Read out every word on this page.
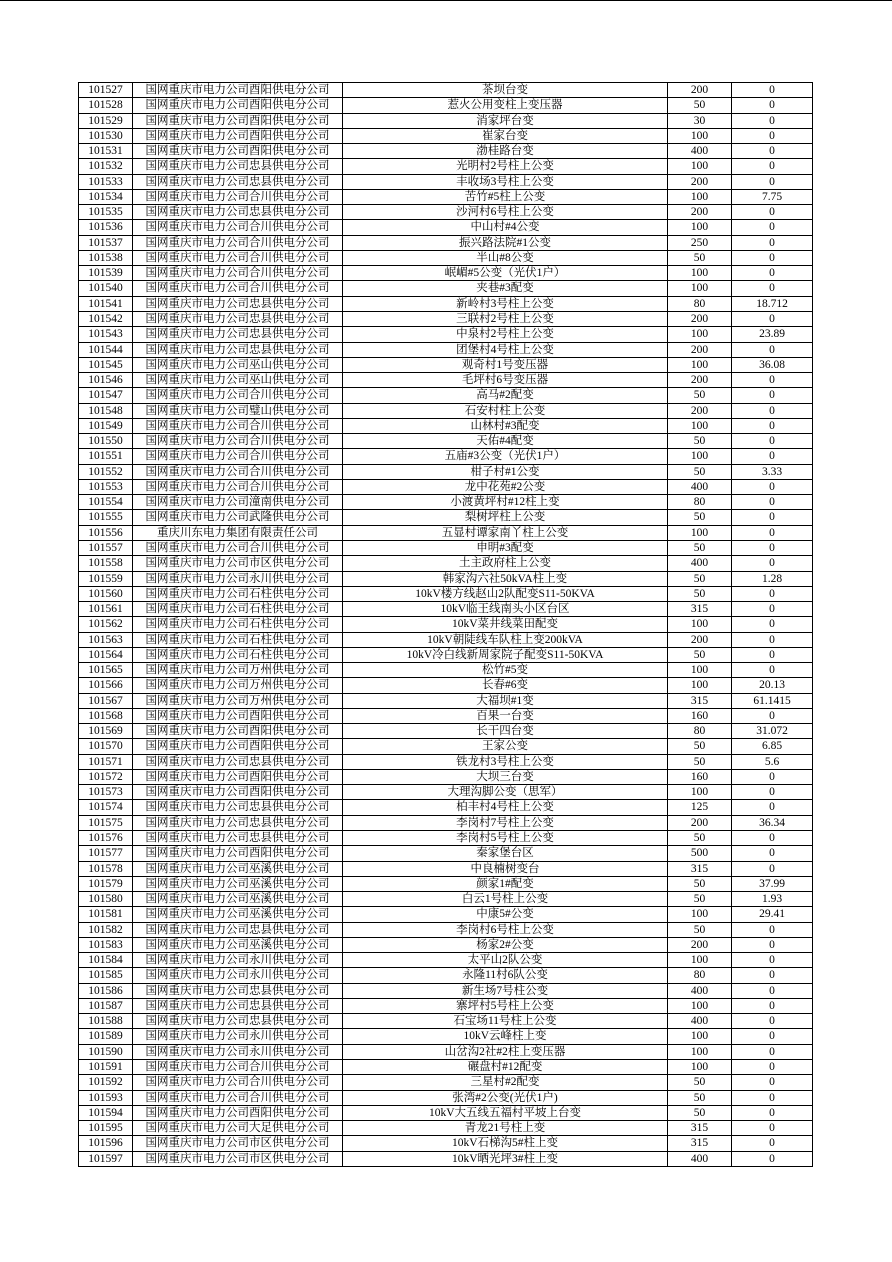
101527	国网重庆市电力公司酉阳供电分公司	茶坝台变	200	0
101528	国网重庆市电力公司酉阳供电分公司	惹火公用变柱上变压器	50	0
101529	国网重庆市电力公司酉阳供电分公司	消家坪台变	30	0
101530	国网重庆市电力公司酉阳供电分公司	崔家台变	100	0
101531	国网重庆市电力公司酉阳供电分公司	渤桂路台变	400	0
101532	国网重庆市电力公司忠县供电分公司	光明村2号柱上公变	100	0
101533	国网重庆市电力公司忠县供电分公司	丰收场3号柱上公变	200	0
101534	国网重庆市电力公司合川供电分公司	苦竹#5柱上公变	100	7.75
101535	国网重庆市电力公司忠县供电分公司	沙河村6号柱上公变	200	0
101536	国网重庆市电力公司合川供电分公司	中山村#4公变	100	0
101537	国网重庆市电力公司合川供电分公司	振兴路法院#1公变	250	0
101538	国网重庆市电力公司合川供电分公司	半山#8公变	50	0
101539	国网重庆市电力公司合川供电分公司	岷嵋#5公变（光伏1户）	100	0
101540	国网重庆市电力公司合川供电分公司	夹巷#3配变	100	0
101541	国网重庆市电力公司忠县供电分公司	新岭村3号柱上公变	80	18.712
101542	国网重庆市电力公司忠县供电分公司	三联村2号柱上公变	200	0
101543	国网重庆市电力公司忠县供电分公司	中泉村2号柱上公变	100	23.89
101544	国网重庆市电力公司忠县供电分公司	团堡村4号柱上公变	200	0
101545	国网重庆市电力公司巫山供电分公司	观奇村1号变压器	100	36.08
101546	国网重庆市电力公司巫山供电分公司	毛坪村6号变压器	200	0
101547	国网重庆市电力公司合川供电分公司	高马#2配变	50	0
101548	国网重庆市电力公司璧山供电分公司	石安村柱上公变	200	0
101549	国网重庆市电力公司合川供电分公司	山林村#3配变	100	0
101550	国网重庆市电力公司合川供电分公司	天佑#4配变	50	0
101551	国网重庆市电力公司合川供电分公司	五庙#3公变（光伏1户）	100	0
101552	国网重庆市电力公司合川供电分公司	柑子村#1公变	50	3.33
101553	国网重庆市电力公司合川供电分公司	龙中花苑#2公变	400	0
101554	国网重庆市电力公司潼南供电分公司	小渡黄坪村#12柱上变	80	0
101555	国网重庆市电力公司武隆供电分公司	梨树坪柱上公变	50	0
101556	重庆川东电力集团有限责任公司	五显村谭家南丫柱上公变	100	0
101557	国网重庆市电力公司合川供电分公司	申明#3配变	50	0
101558	国网重庆市电力公司市区供电分公司	土主政府柱上公变	400	0
101559	国网重庆市电力公司永川供电分公司	韩家沟六社50kVA柱上变	50	1.28
101560	国网重庆市电力公司石柱供电分公司	10kV楼方线赵山2队配变S11-50KVA	50	0
101561	国网重庆市电力公司石柱供电分公司	10kV临王线南头小区台区	315	0
101562	国网重庆市电力公司石柱供电分公司	10kV菜井线菜田配变	100	0
101563	国网重庆市电力公司石柱供电分公司	10kV朝陡线车队柱上变200kVA	200	0
101564	国网重庆市电力公司石柱供电分公司	10kV冷白线新周家院子配变S11-50KVA	50	0
101565	国网重庆市电力公司万州供电分公司	松竹#5变	100	0
101566	国网重庆市电力公司万州供电分公司	长春#6变	100	20.13
101567	国网重庆市电力公司万州供电分公司	大福坝#1变	315	61.1415
101568	国网重庆市电力公司酉阳供电分公司	百果一台变	160	0
101569	国网重庆市电力公司酉阳供电分公司	长干四台变	80	31.072
101570	国网重庆市电力公司酉阳供电分公司	王家公变	50	6.85
101571	国网重庆市电力公司忠县供电分公司	铁龙村3号柱上公变	50	5.6
101572	国网重庆市电力公司酉阳供电分公司	大坝三台变	160	0
101573	国网重庆市电力公司酉阳供电分公司	大理沟脚公变（思军）	100	0
101574	国网重庆市电力公司忠县供电分公司	柏丰村4号柱上公变	125	0
101575	国网重庆市电力公司忠县供电分公司	李岗村7号柱上公变	200	36.34
101576	国网重庆市电力公司忠县供电分公司	李岗村5号柱上公变	50	0
101577	国网重庆市电力公司酉阳供电分公司	秦家堡台区	500	0
101578	国网重庆市电力公司巫溪供电分公司	中良楠树变台	315	0
101579	国网重庆市电力公司巫溪供电分公司	颜家1#配变	50	37.99
101580	国网重庆市电力公司巫溪供电分公司	白云1号柱上公变	50	1.93
101581	国网重庆市电力公司巫溪供电分公司	中康5#公变	100	29.41
101582	国网重庆市电力公司忠县供电分公司	李岗村6号柱上公变	50	0
101583	国网重庆市电力公司巫溪供电分公司	杨家2#公变	200	0
101584	国网重庆市电力公司永川供电分公司	太平山2队公变	100	0
101585	国网重庆市电力公司永川供电分公司	永隆11村6队公变	80	0
101586	国网重庆市电力公司忠县供电分公司	新生场7号柱公变	400	0
101587	国网重庆市电力公司忠县供电分公司	寨坪村5号柱上公变	100	0
101588	国网重庆市电力公司忠县供电分公司	石宝场11号柱上公变	400	0
101589	国网重庆市电力公司永川供电分公司	10kV云峰柱上变	100	0
101590	国网重庆市电力公司永川供电分公司	山岔沟2社#2柱上变压器	100	0
101591	国网重庆市电力公司合川供电分公司	碾盘村#12配变	100	0
101592	国网重庆市电力公司合川供电分公司	三星村#2配变	50	0
101593	国网重庆市电力公司合川供电分公司	张湾#2公变(光伏1户)	50	0
101594	国网重庆市电力公司酉阳供电分公司	10kV大五线五福村平坡上台变	50	0
101595	国网重庆市电力公司大足供电分公司	青龙21号柱上变	315	0
101596	国网重庆市电力公司市区供电分公司	10kV石梯沟5#柱上变	315	0
101597	国网重庆市电力公司市区供电分公司	10kV晒光坪3#柱上变	400	0
